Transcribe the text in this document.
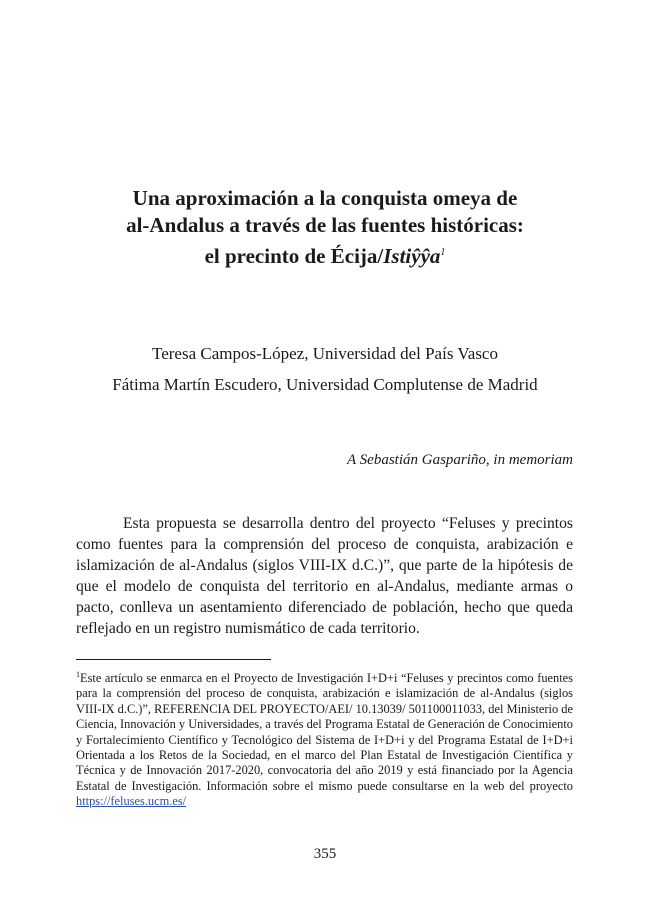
Una aproximación a la conquista omeya de
al-Andalus a través de las fuentes históricas:
el precinto de Écija/Istiŷŷa$^1$
Teresa Campos-López, Universidad del País Vasco
Fátima Martín Escudero, Universidad Complutense de Madrid
A Sebastián Gaspariño, in memoriam

Esta propuesta se desarrolla dentro del proyecto “Feluses y precintos como fuentes para la comprensión del proceso de conquista, arabización e islamización de al-Andalus (siglos VIII-IX d.C.)”, que parte de la hipótesis de que el modelo de conquista del territorio en al-Andalus, mediante armas o pacto, conlleva un asentamiento diferenciado de población, hecho que queda reflejado en un registro numismático de cada territorio.

$^1$Este artículo se enmarca en el Proyecto de Investigación I+D+i “Feluses y precintos como fuentes para la comprensión del proceso de conquista, arabización e islamización de al-Andalus (siglos VIII-IX d.C.)”, REFERENCIA DEL PROYECTO/AEI/ 10.13039/ 501100011033, del Ministerio de Ciencia, Innovación y Universidades, a través del Programa Estatal de Generación de Conocimiento y Fortalecimiento Científico y Tecnológico del Sistema de I+D+i y del Programa Estatal de I+D+i Orientada a los Retos de la Sociedad, en el marco del Plan Estatal de Investigación Científica y Técnica y de Innovación 2017-2020, convocatoria del año 2019 y está financiado por la Agencia Estatal de Investigación. Información sobre el mismo puede consultarse en la web del proyecto https://feluses.ucm.es/

355
